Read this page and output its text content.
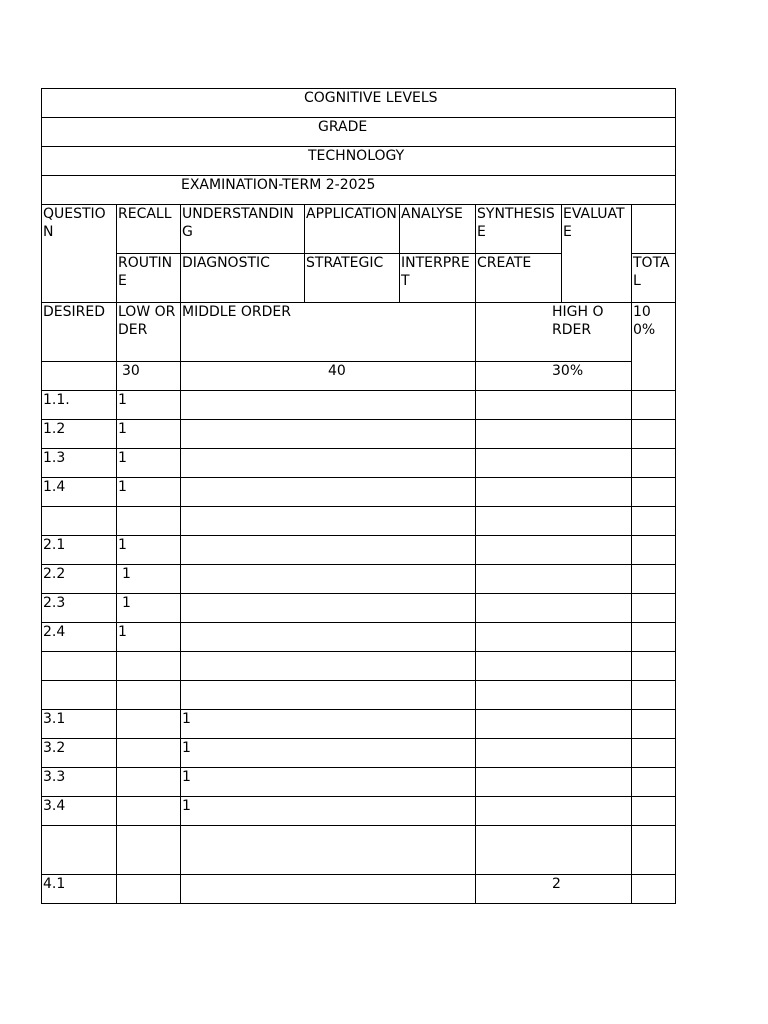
COGNITIVE LEVELS							
GRADE							
TECHNOLOGY							
EXAMINATION-TERM 2-2025							
QUESTION	RECALL	UNDERSTANDING	APPLICATION	ANALYSE	SYNTHESISE	EVALUATE	
	ROUTINE	DIAGNOSTIC	STRATEGIC	INTERPRET	CREATE		TOTAL
DESIRED	LOW ORDER	MIDDLE ORDER			HIGH ORDER		100%

	30	40			30%		
1.1.	1						
1.2	1						
1.3	1						
1.4	1						

2.1	1						
2.2	1						
2.3	1						
2.4	1						

3.1		1					
3.2		1					
3.3		1					
3.4		1					

4.1					2		
